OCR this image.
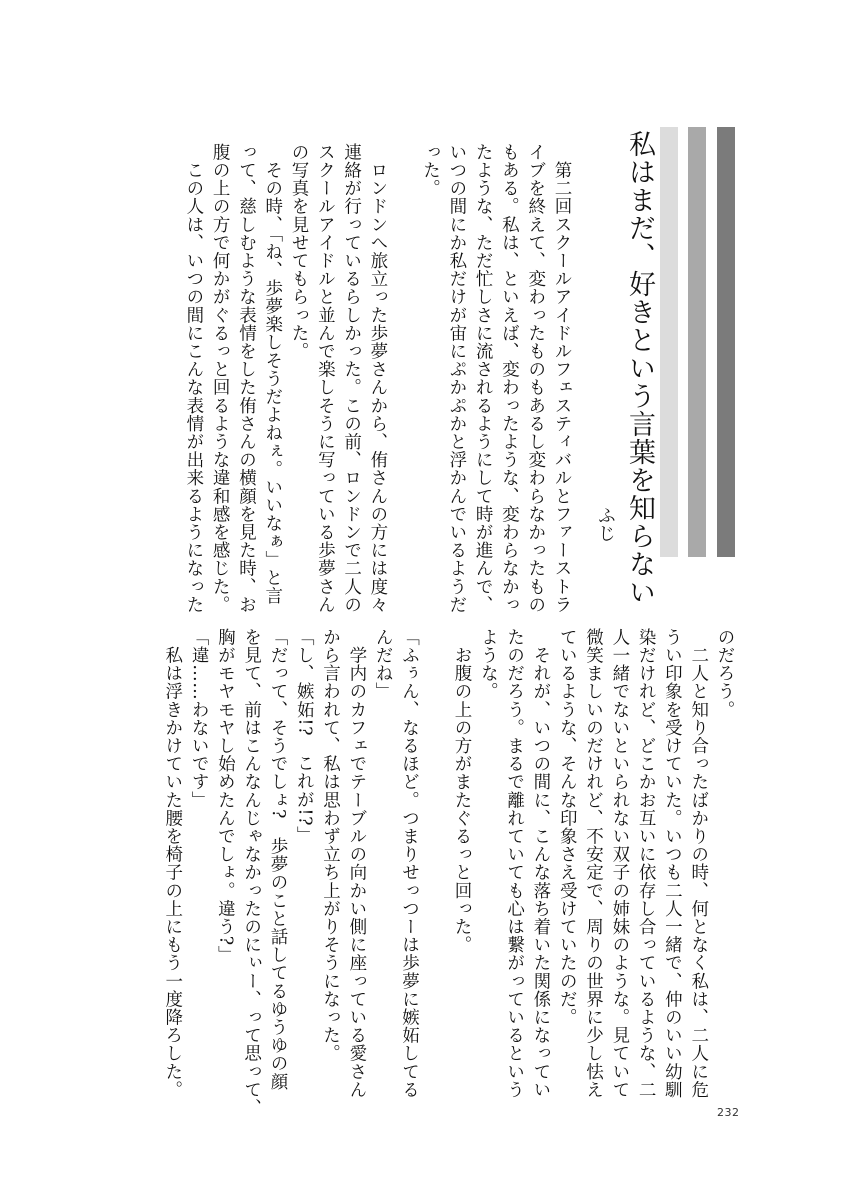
私はまだ、好きという言葉を知らない
ふじ

　第二回スクールアイドルフェスティバルとファーストラ

イブを終えて、変わったものもあるし変わらなかったもの

もある。私は、といえば、変わったような、変わらなかっ

たような、ただ忙しさに流されるようにして時が進んで、

いつの間にか私だけが宙にぷかぷかと浮かんでいるようだ

った。

　ロンドンへ旅立った歩夢さんから、侑さんの方には度々

連絡が行っているらしかった。この前、ロンドンで二人の

スクールアイドルと並んで楽しそうに写っている歩夢さん

の写真を見せてもらった。

　その時、「ね、歩夢楽しそうだよねぇ。いいなぁ」と言

って、慈しむような表情をした侑さんの横顔を見た時、お

腹の上の方で何かがぐるっと回るような違和感を感じた。

　この人は、いつの間にこんな表情が出来るようになった

のだろう。

　二人と知り合ったばかりの時、何となく私は、二人に危

うい印象を受けていた。いつも二人一緒で、仲のいい幼馴

染だけれど、どこかお互いに依存し合っているような、二

人一緒でないといられない双子の姉妹のような。見ていて

微笑ましいのだけれど、不安定で、周りの世界に少し怯え

ているような、そんな印象さえ受けていたのだ。

　それが、いつの間に、こんな落ち着いた関係になってい

たのだろう。まるで離れていても心は繋がっているという

ような。

　お腹の上の方がまたぐるっと回った。

「ふぅん、なるほど。つまりせっつーは歩夢に嫉妬してる

んだね」

　学内のカフェでテーブルの向かい側に座っている愛さん

から言われて、私は思わず立ち上がりそうになった。

「し、嫉妬!?　これが!?」

「だって、そうでしょ?　歩夢のこと話してるゆうゆの顔

を見て、前はこんなんじゃなかったのにぃー、って思って、

胸がモヤモヤし始めたんでしょ。違う?」

「違……わないです」

　私は浮きかけていた腰を椅子の上にもう一度降ろした。

232
